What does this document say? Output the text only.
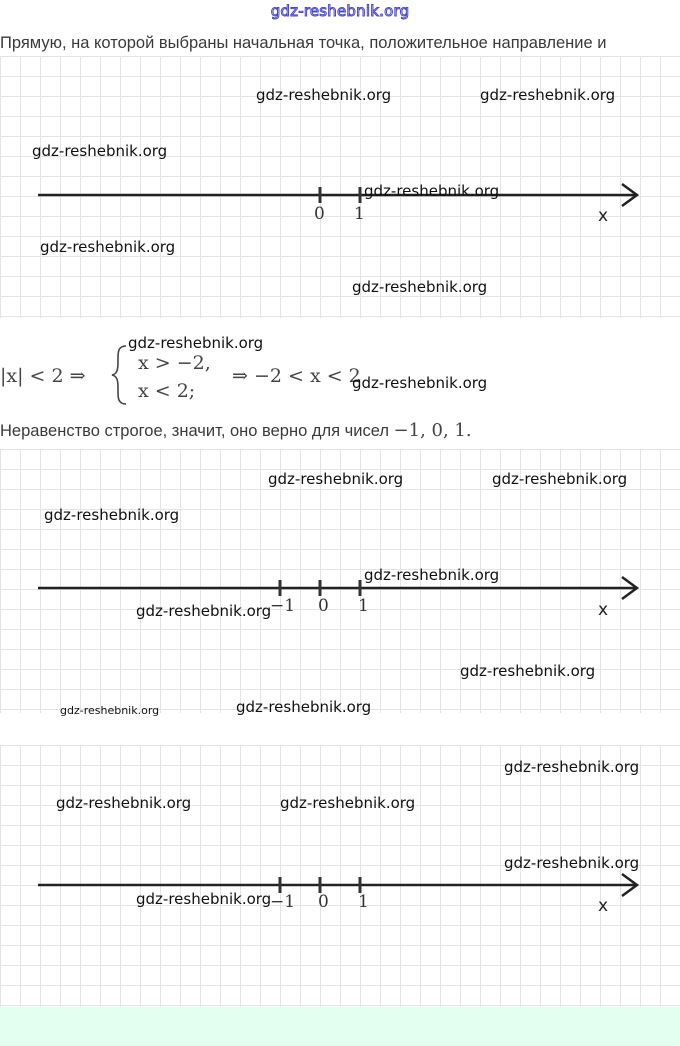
gdz-reshebnik.org
Прямую, на которой выбраны начальная точка, положительное направление и
0 1	x
gdz-reshebnik.org	gdz-reshebnik.org
gdz-reshebnik.org
gdz-reshebnik.org
gdz-reshebnik.org
gdz-reshebnik.org
|x| < 2 ⇒
x > −2,
x < 2;
⇒ −2 < x < 2
gdz-reshebnik.org
gdz-reshebnik.org
Неравенство строгое, значит, оно верно для чисел −1, 0, 1.
−1 0 1	x
gdz-reshebnik.org	gdz-reshebnik.org
gdz-reshebnik.org
gdz-reshebnik.org
gdz-reshebnik.org
gdz-reshebnik.org
gdz-reshebnik.org	gdz-reshebnik.org
−1 0 1	x
gdz-reshebnik.org
gdz-reshebnik.org	gdz-reshebnik.org
gdz-reshebnik.org
gdz-reshebnik.org
